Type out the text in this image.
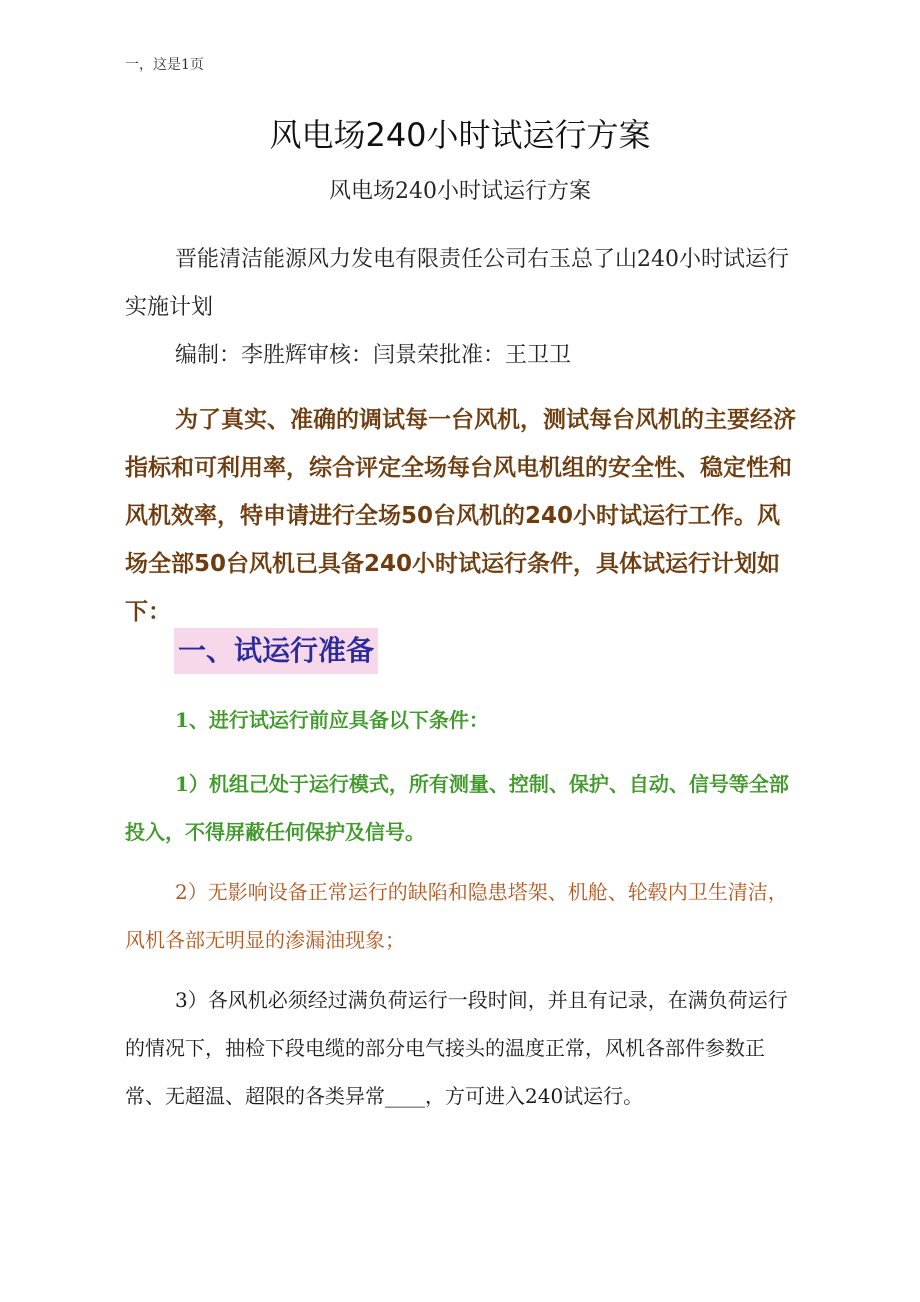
一，这是1页
风电场240小时试运行方案
风电场240小时试运行方案

晋能清洁能源风力发电有限责任公司右玉总了山240小时试运行实施计划

编制：李胜辉审核：闫景荣批准：王卫卫

为了真实、准确的调试每一台风机，测试每台风机的主要经济指标和可利用率，综合评定全场每台风电机组的安全性、稳定性和风机效率，特申请进行全场50台风机的240小时试运行工作。风场全部50台风机已具备240小时试运行条件，具体试运行计划如下：

一、试运行准备

1、进行试运行前应具备以下条件：

1）机组己处于运行模式，所有测量、控制、保护、自动、信号等全部投入，不得屏蔽任何保护及信号。

2）无影响设备正常运行的缺陷和隐患塔架、机舱、轮毂内卫生清洁，风机各部无明显的渗漏油现象；

3）各风机必须经过满负荷运行一段时间，并且有记录，在满负荷运行的情况下，抽检下段电缆的部分电气接头的温度正常，风机各部件参数正常、无超温、超限的各类异常____，方可进入240试运行。
